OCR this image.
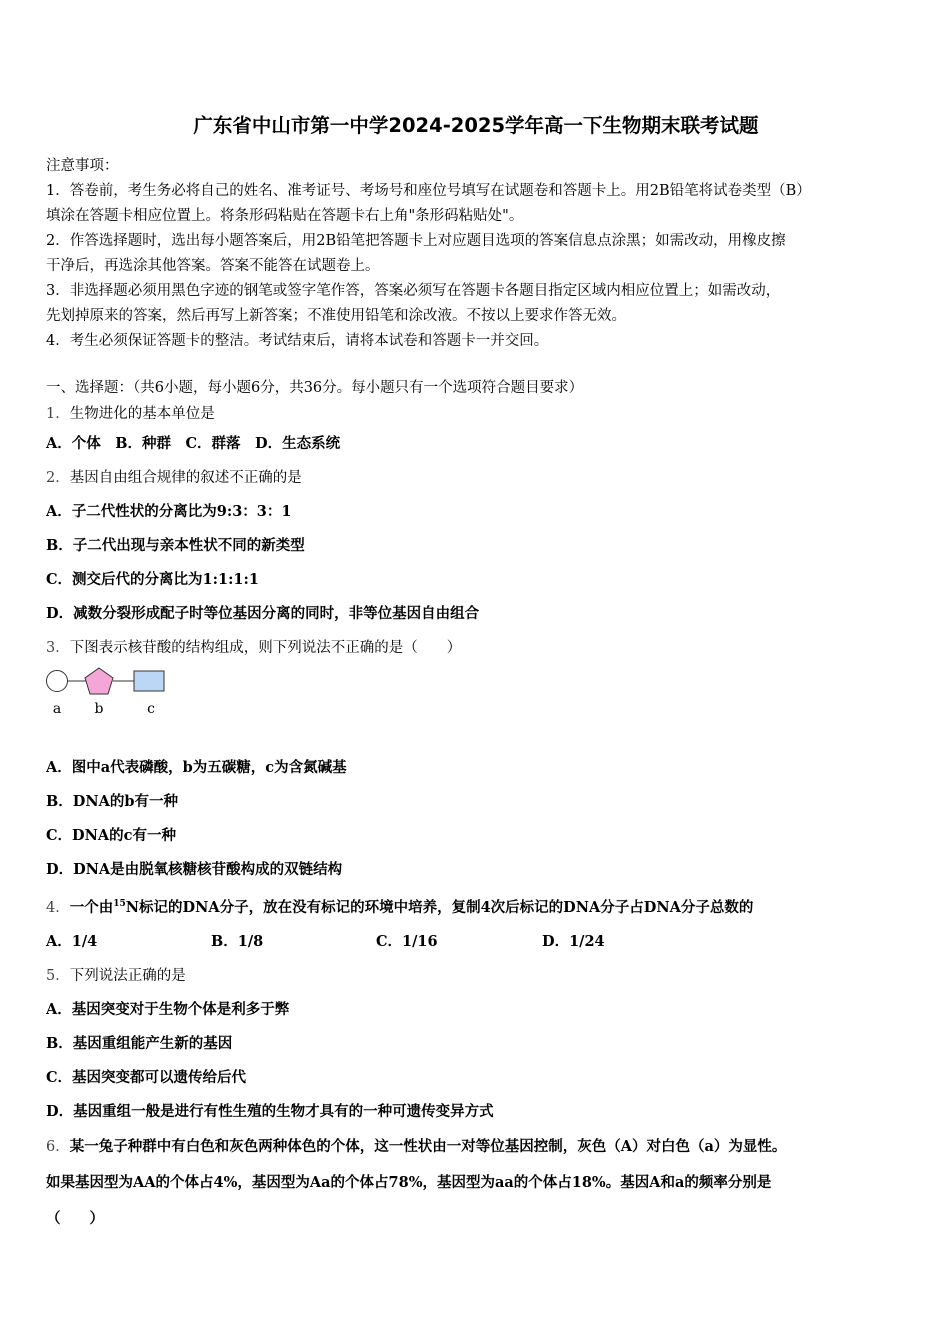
广东省中山市第一中学2024-2025学年高一下生物期末联考试题
注意事项：
1．答卷前，考生务必将自己的姓名、准考证号、考场号和座位号填写在试题卷和答题卡上。用2B铅笔将试卷类型（B）
填涂在答题卡相应位置上。将条形码粘贴在答题卡右上角"条形码粘贴处"。
2．作答选择题时，选出每小题答案后，用2B铅笔把答题卡上对应题目选项的答案信息点涂黑；如需改动，用橡皮擦
干净后，再选涂其他答案。答案不能答在试题卷上。
3．非选择题必须用黑色字迹的钢笔或签字笔作答，答案必须写在答题卡各题目指定区域内相应位置上；如需改动，
先划掉原来的答案，然后再写上新答案；不准使用铅笔和涂改液。不按以上要求作答无效。
4．考生必须保证答题卡的整洁。考试结束后，请将本试卷和答题卡一并交回。
一、选择题：（共6小题，每小题6分，共36分。每小题只有一个选项符合题目要求）
1．生物进化的基本单位是
A．个体　B．种群　C．群落　D．生态系统
2．基因自由组合规律的叙述不正确的是
A．子二代性状的分离比为9:3：3：1
B．子二代出现与亲本性状不同的新类型
C．测交后代的分离比为1:1:1:1
D．减数分裂形成配子时等位基因分离的同时，非等位基因自由组合
3．下图表示核苷酸的结构组成，则下列说法不正确的是（　　）
a b	c
A．图中a代表磷酸，b为五碳糖，c为含氮碱基
B．DNA的b有一种
C．DNA的c有一种
D．DNA是由脱氧核糖核苷酸构成的双链结构
4．一个由$^{15}$N标记的DNA分子，放在没有标记的环境中培养，复制4次后标记的DNA分子占DNA分子总数的
A．1/4	B．1/8	C．1/16	D．1/24
5．下列说法正确的是
A．基因突变对于生物个体是利多于弊
B．基因重组能产生新的基因
C．基因突变都可以遗传给后代
D．基因重组一般是进行有性生殖的生物才具有的一种可遗传变异方式
6．某一兔子种群中有白色和灰色两种体色的个体，这一性状由一对等位基因控制，灰色（A）对白色（a）为显性。
如果基因型为AA的个体占4%，基因型为Aa的个体占78%，基因型为aa的个体占18%。基因A和a的频率分别是
（　　）
